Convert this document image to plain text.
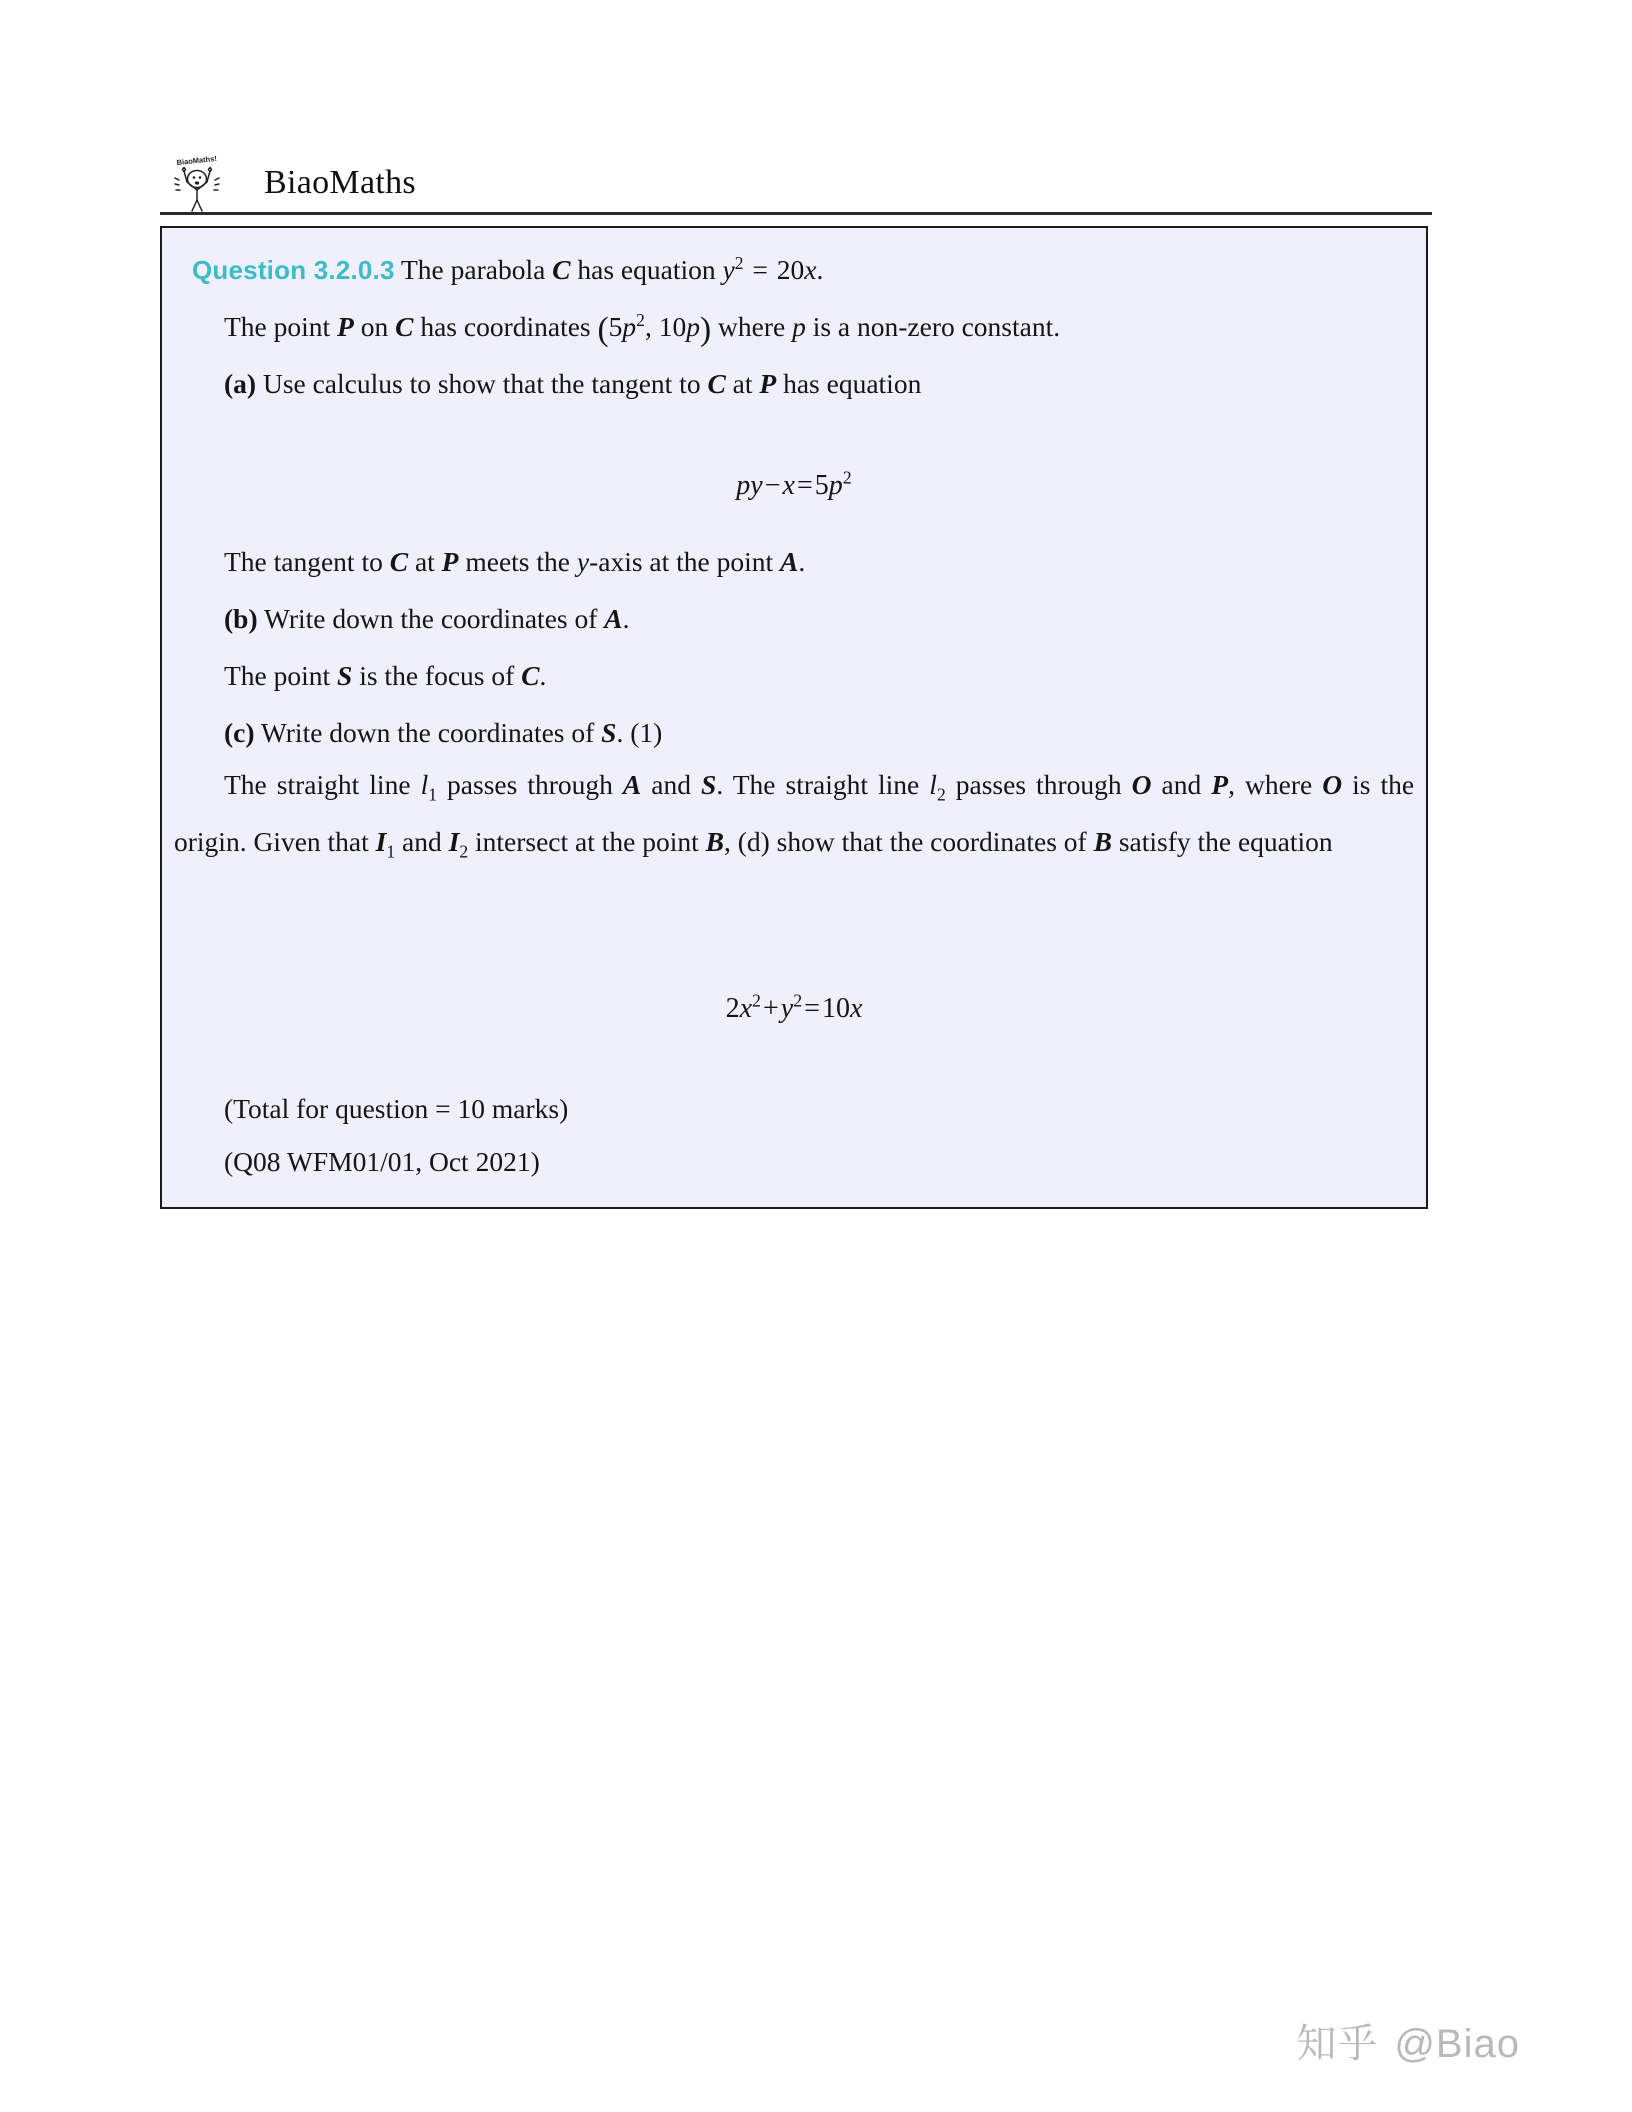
BiaoMaths!
BiaoMaths
Question 3.2.0.3 The parabola C has equation $y^2 = 20x$.
The point P on C has coordinates ($5p^2$, 10p) where p is a non-zero constant.
(a) Use calculus to show that the tangent to C at P has equation
$py-x=5p^2$
The tangent to C at P meets the y-axis at the point A.
(b) Write down the coordinates of A.
The point S is the focus of C.
(c) Write down the coordinates of S. (1)
The straight line $l_1$ passes through A and S. The straight line $l_2$ passes through O and P, where O is the origin. Given that $I_1$ and $I_2$ intersect at the point B, (d) show that the coordinates of B satisfy the equation
$2x^2+y^2=10x$
(Total for question = 10 marks)
(Q08 WFM01/01, Oct 2021)
知乎 @Biao
